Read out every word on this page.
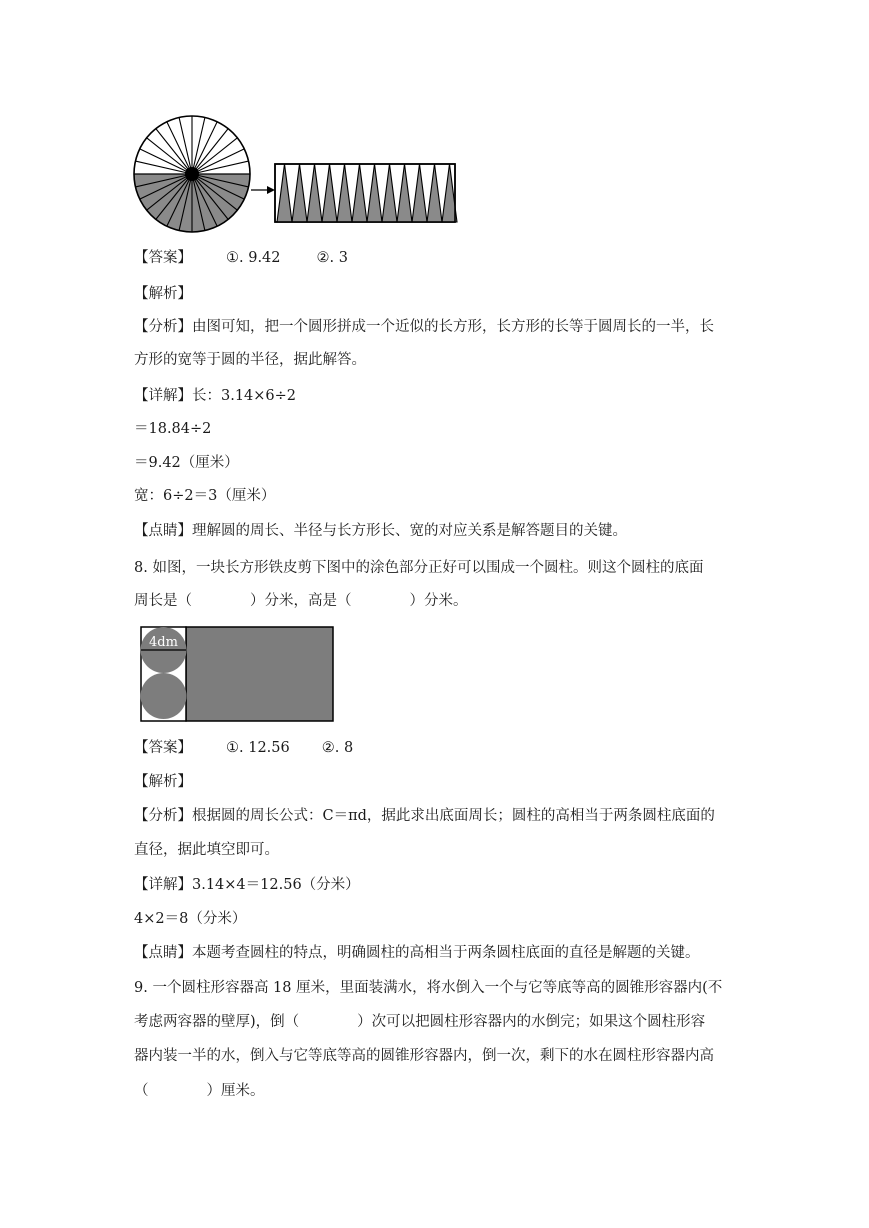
4dm
【答案】 ①. 9.42 ②. 3
【解析】
【分析】由图可知，把一个圆形拼成一个近似的长方形，长方形的长等于圆周长的一半，长
方形的宽等于圆的半径，据此解答。
【详解】长：3.14×6÷2
＝18.84÷2
＝9.42（厘米）
宽：6÷2＝3（厘米）
【点睛】理解圆的周长、半径与长方形长、宽的对应关系是解答题目的关键。
8. 如图，一块长方形铁皮剪下图中的涂色部分正好可以围成一个圆柱。则这个圆柱的底面
周长是（　　　　）分米，高是（　　　　）分米。
【答案】 ①. 12.56 ②. 8
【解析】
【分析】根据圆的周长公式：C＝πd，据此求出底面周长；圆柱的高相当于两条圆柱底面的
直径，据此填空即可。
【详解】3.14×4＝12.56（分米）
4×2＝8（分米）
【点睛】本题考查圆柱的特点，明确圆柱的高相当于两条圆柱底面的直径是解题的关键。
9. 一个圆柱形容器高 18 厘米，里面装满水，将水倒入一个与它等底等高的圆锥形容器内(不
考虑两容器的壁厚)，倒（　　　　）次可以把圆柱形容器内的水倒完；如果这个圆柱形容
器内装一半的水，倒入与它等底等高的圆锥形容器内，倒一次，剩下的水在圆柱形容器内高
（　　　　）厘米。
